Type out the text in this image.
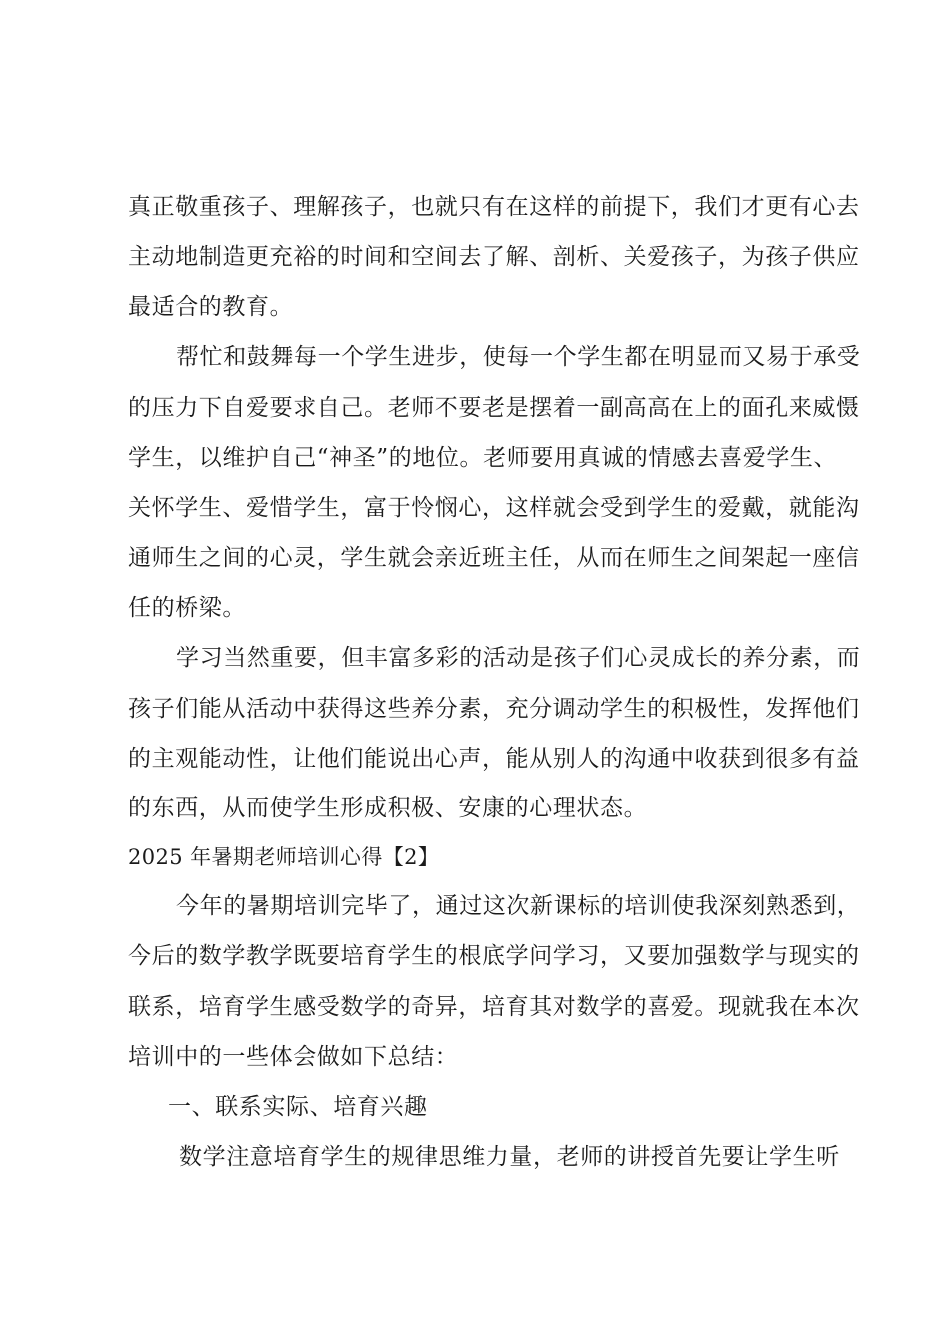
真正敬重孩子、理解孩子，也就只有在这样的前提下，我们才更有心去
主动地制造更充裕的时间和空间去了解、剖析、关爱孩子，为孩子供应
最适合的教育。
帮忙和鼓舞每一个学生进步，使每一个学生都在明显而又易于承受
的压力下自爱要求自己。老师不要老是摆着一副高高在上的面孔来威慑
学生，以维护自己“神圣”的地位。老师要用真诚的情感去喜爱学生、
关怀学生、爱惜学生，富于怜悯心，这样就会受到学生的爱戴，就能沟
通师生之间的心灵，学生就会亲近班主任，从而在师生之间架起一座信
任的桥梁。
学习当然重要，但丰富多彩的活动是孩子们心灵成长的养分素，而
孩子们能从活动中获得这些养分素，充分调动学生的积极性，发挥他们
的主观能动性，让他们能说出心声，能从别人的沟通中收获到很多有益
的东西，从而使学生形成积极、安康的心理状态。
2025 年暑期老师培训心得【2】
今年的暑期培训完毕了，通过这次新课标的培训使我深刻熟悉到，
今后的数学教学既要培育学生的根底学问学习，又要加强数学与现实的
联系，培育学生感受数学的奇异，培育其对数学的喜爱。现就我在本次
培训中的一些体会做如下总结：
一、联系实际、培育兴趣
数学注意培育学生的规律思维力量，老师的讲授首先要让学生听
